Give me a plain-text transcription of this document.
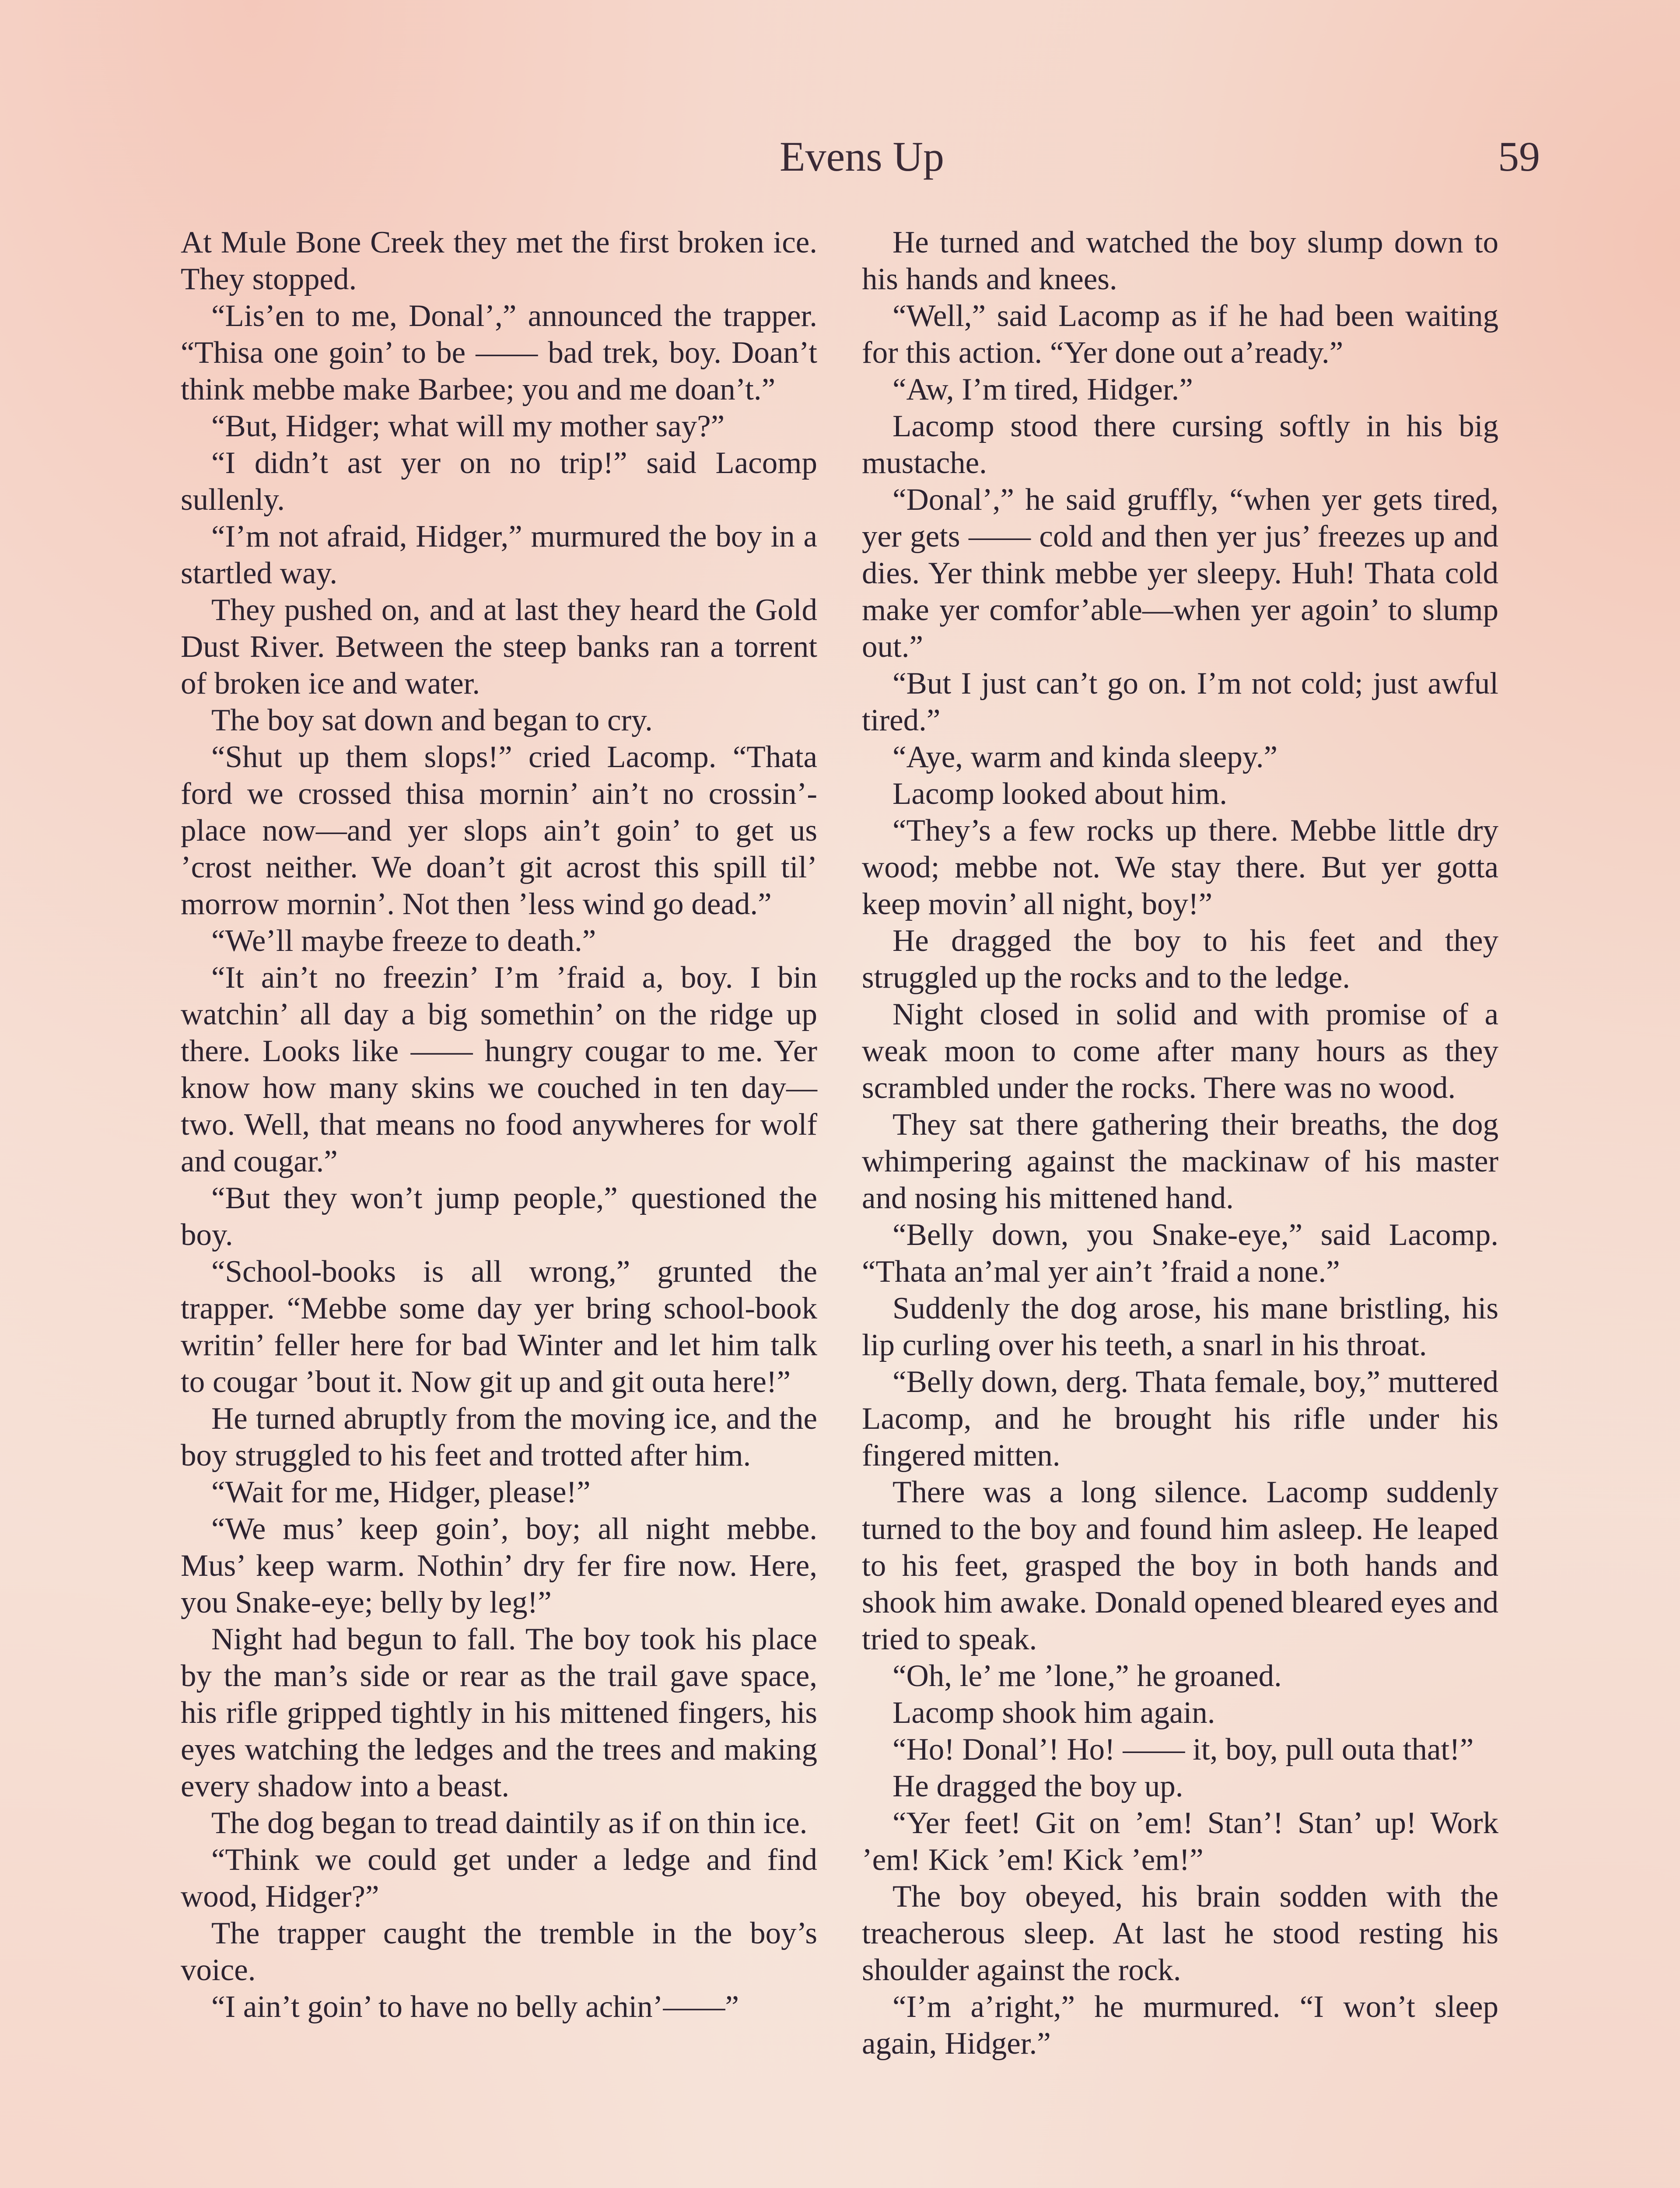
Evens Up	59

At Mule Bone Creek they met the first broken ice. They stopped.

“Lis’en to me, Donal’,” announced the trapper. “Thisa one goin’ to be —— bad trek, boy. Doan’t think mebbe make Barbee; you and me doan’t.”

“But, Hidger; what will my mother say?”

“I didn’t ast yer on no trip!” said Lacomp sullenly.

“I’m not afraid, Hidger,” murmured the boy in a startled way.

They pushed on, and at last they heard the Gold Dust River. Between the steep banks ran a torrent of broken ice and water.

The boy sat down and began to cry.

“Shut up them slops!” cried Lacomp. “Thata ford we crossed thisa mornin’ ain’t no crossin’-place now—and yer slops ain’t goin’ to get us ’crost neither. We doan’t git acrost this spill til’ morrow mornin’. Not then ’less wind go dead.”

“We’ll maybe freeze to death.”

“It ain’t no freezin’ I’m ’fraid a, boy. I bin watchin’ all day a big somethin’ on the ridge up there. Looks like —— hungry cougar to me. Yer know how many skins we couched in ten day—two. Well, that means no food anywheres for wolf and cougar.”

“But they won’t jump people,” questioned the boy.

“School-books is all wrong,” grunted the trapper. “Mebbe some day yer bring school-book writin’ feller here for bad Winter and let him talk to cougar ’bout it. Now git up and git outa here!”

He turned abruptly from the moving ice, and the boy struggled to his feet and trotted after him.

“Wait for me, Hidger, please!”

“We mus’ keep goin’, boy; all night mebbe. Mus’ keep warm. Nothin’ dry fer fire now. Here, you Snake-eye; belly by leg!”

Night had begun to fall. The boy took his place by the man’s side or rear as the trail gave space, his rifle gripped tightly in his mittened fingers, his eyes watching the ledges and the trees and making every shadow into a beast.

The dog began to tread daintily as if on thin ice.

“Think we could get under a ledge and find wood, Hidger?”

The trapper caught the tremble in the boy’s voice.

“I ain’t goin’ to have no belly achin’——”

He turned and watched the boy slump down to his hands and knees.

“Well,” said Lacomp as if he had been waiting for this action. “Yer done out a’ready.”

“Aw, I’m tired, Hidger.”

Lacomp stood there cursing softly in his big mustache.

“Donal’,” he said gruffly, “when yer gets tired, yer gets —— cold and then yer jus’ freezes up and dies. Yer think mebbe yer sleepy. Huh! Thata cold make yer comfor’able—when yer agoin’ to slump out.”

“But I just can’t go on. I’m not cold; just awful tired.”

“Aye, warm and kinda sleepy.”

Lacomp looked about him.

“They’s a few rocks up there. Mebbe little dry wood; mebbe not. We stay there. But yer gotta keep movin’ all night, boy!”

He dragged the boy to his feet and they struggled up the rocks and to the ledge.

Night closed in solid and with promise of a weak moon to come after many hours as they scrambled under the rocks. There was no wood.

They sat there gathering their breaths, the dog whimpering against the mackinaw of his master and nosing his mittened hand.

“Belly down, you Snake-eye,” said Lacomp. “Thata an’mal yer ain’t ’fraid a none.”

Suddenly the dog arose, his mane bristling, his lip curling over his teeth, a snarl in his throat.

“Belly down, derg. Thata female, boy,” muttered Lacomp, and he brought his rifle under his fingered mitten.

There was a long silence. Lacomp suddenly turned to the boy and found him asleep. He leaped to his feet, grasped the boy in both hands and shook him awake. Donald opened bleared eyes and tried to speak.

“Oh, le’ me ’lone,” he groaned.

Lacomp shook him again.

“Ho! Donal’! Ho! —— it, boy, pull outa that!”

He dragged the boy up.

“Yer feet! Git on ’em! Stan’! Stan’ up! Work ’em! Kick ’em! Kick ’em!”

The boy obeyed, his brain sodden with the treacherous sleep. At last he stood resting his shoulder against the rock.

“I’m a’right,” he murmured. “I won’t sleep again, Hidger.”
